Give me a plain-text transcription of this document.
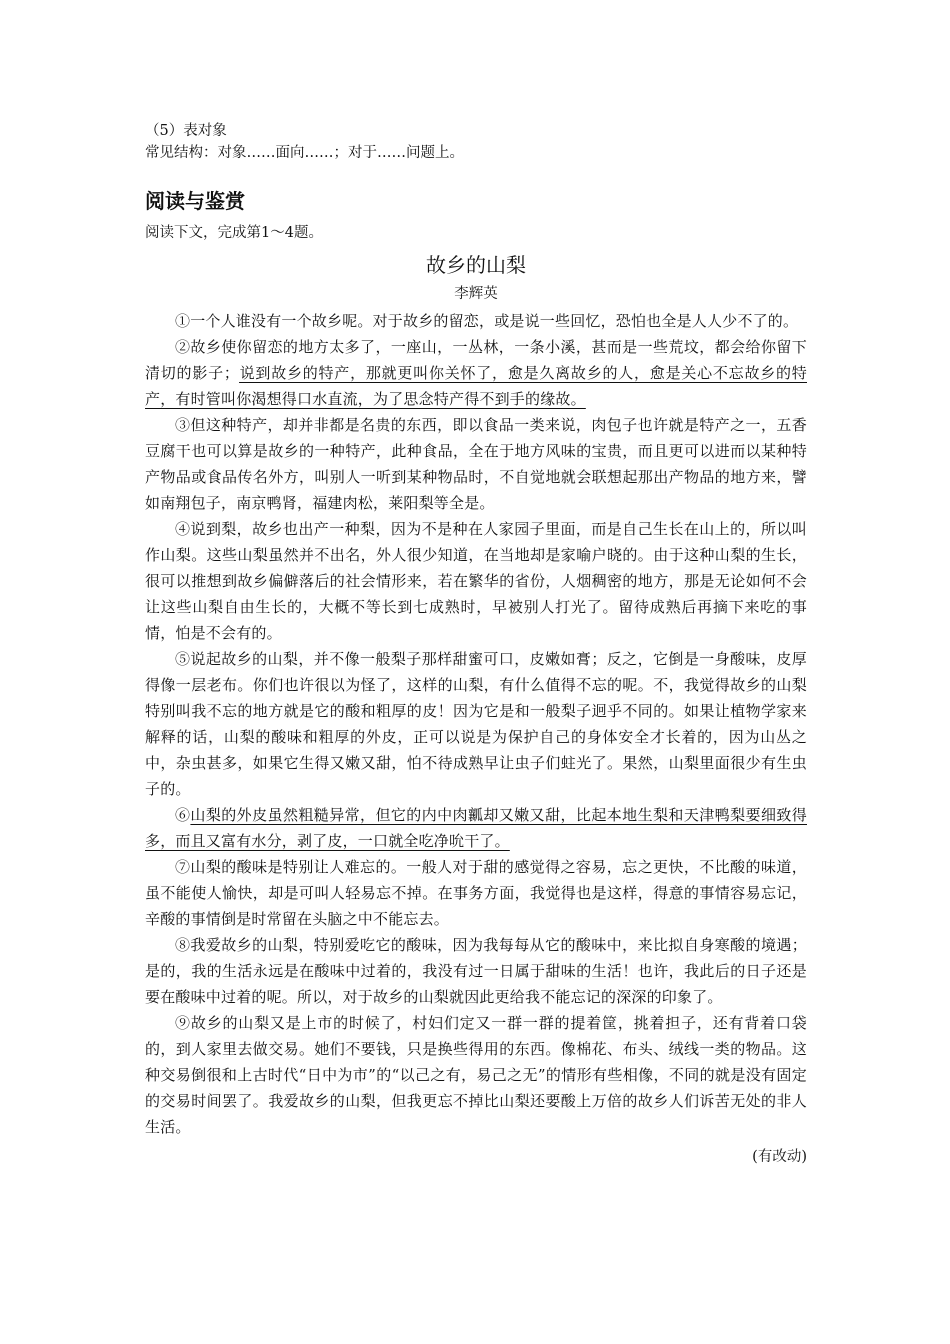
（5）表对象

常见结构：对象……面向……；对于……问题上。

阅读与鉴赏

阅读下文，完成第1～4题。

故乡的山梨
李辉英

①一个人谁没有一个故乡呢。对于故乡的留恋，或是说一些回忆，恐怕也全是人人少不了的。

②故乡使你留恋的地方太多了，一座山，一丛林，一条小溪，甚而是一些荒坟，都会给你留下清切的影子；说到故乡的特产，那就更叫你关怀了，愈是久离故乡的人，愈是关心不忘故乡的特产，有时管叫你渴想得口水直流，为了思念特产得不到手的缘故。

③但这种特产，却并非都是名贵的东西，即以食品一类来说，肉包子也许就是特产之一，五香豆腐干也可以算是故乡的一种特产，此种食品，全在于地方风味的宝贵，而且更可以进而以某种特产物品或食品传名外方，叫别人一听到某种物品时，不自觉地就会联想起那出产物品的地方来，譬如南翔包子，南京鸭肾，福建肉松，莱阳梨等全是。

④说到梨，故乡也出产一种梨，因为不是种在人家园子里面，而是自己生长在山上的，所以叫作山梨。这些山梨虽然并不出名，外人很少知道，在当地却是家喻户晓的。由于这种山梨的生长，很可以推想到故乡偏僻落后的社会情形来，若在繁华的省份，人烟稠密的地方，那是无论如何不会让这些山梨自由生长的，大概不等长到七成熟时，早被别人打光了。留待成熟后再摘下来吃的事情，怕是不会有的。

⑤说起故乡的山梨，并不像一般梨子那样甜蜜可口，皮嫩如膏；反之，它倒是一身酸味，皮厚得像一层老布。你们也许很以为怪了，这样的山梨，有什么值得不忘的呢。不，我觉得故乡的山梨特别叫我不忘的地方就是它的酸和粗厚的皮！因为它是和一般梨子迥乎不同的。如果让植物学家来解释的话，山梨的酸味和粗厚的外皮，正可以说是为保护自己的身体安全才长着的，因为山丛之中，杂虫甚多，如果它生得又嫩又甜，怕不待成熟早让虫子们蛀光了。果然，山梨里面很少有生虫子的。

⑥山梨的外皮虽然粗糙异常，但它的内中肉瓤却又嫩又甜，比起本地生梨和天津鸭梨要细致得多，而且又富有水分，剥了皮，一口就全吃净吮干了。

⑦山梨的酸味是特别让人难忘的。一般人对于甜的感觉得之容易，忘之更快，不比酸的味道，虽不能使人愉快，却是可叫人轻易忘不掉。在事务方面，我觉得也是这样，得意的事情容易忘记，辛酸的事情倒是时常留在头脑之中不能忘去。

⑧我爱故乡的山梨，特别爱吃它的酸味，因为我每每从它的酸味中，来比拟自身寒酸的境遇；是的，我的生活永远是在酸味中过着的，我没有过一日属于甜味的生活！也许，我此后的日子还是要在酸味中过着的呢。所以，对于故乡的山梨就因此更给我不能忘记的深深的印象了。

⑨故乡的山梨又是上市的时候了，村妇们定又一群一群的提着筐，挑着担子，还有背着口袋的，到人家里去做交易。她们不要钱，只是换些得用的东西。像棉花、布头、绒线一类的物品。这种交易倒很和上古时代“日中为市”的“以己之有，易己之无”的情形有些相像，不同的就是没有固定的交易时间罢了。我爱故乡的山梨，但我更忘不掉比山梨还要酸上万倍的故乡人们诉苦无处的非人生活。

(有改动)
